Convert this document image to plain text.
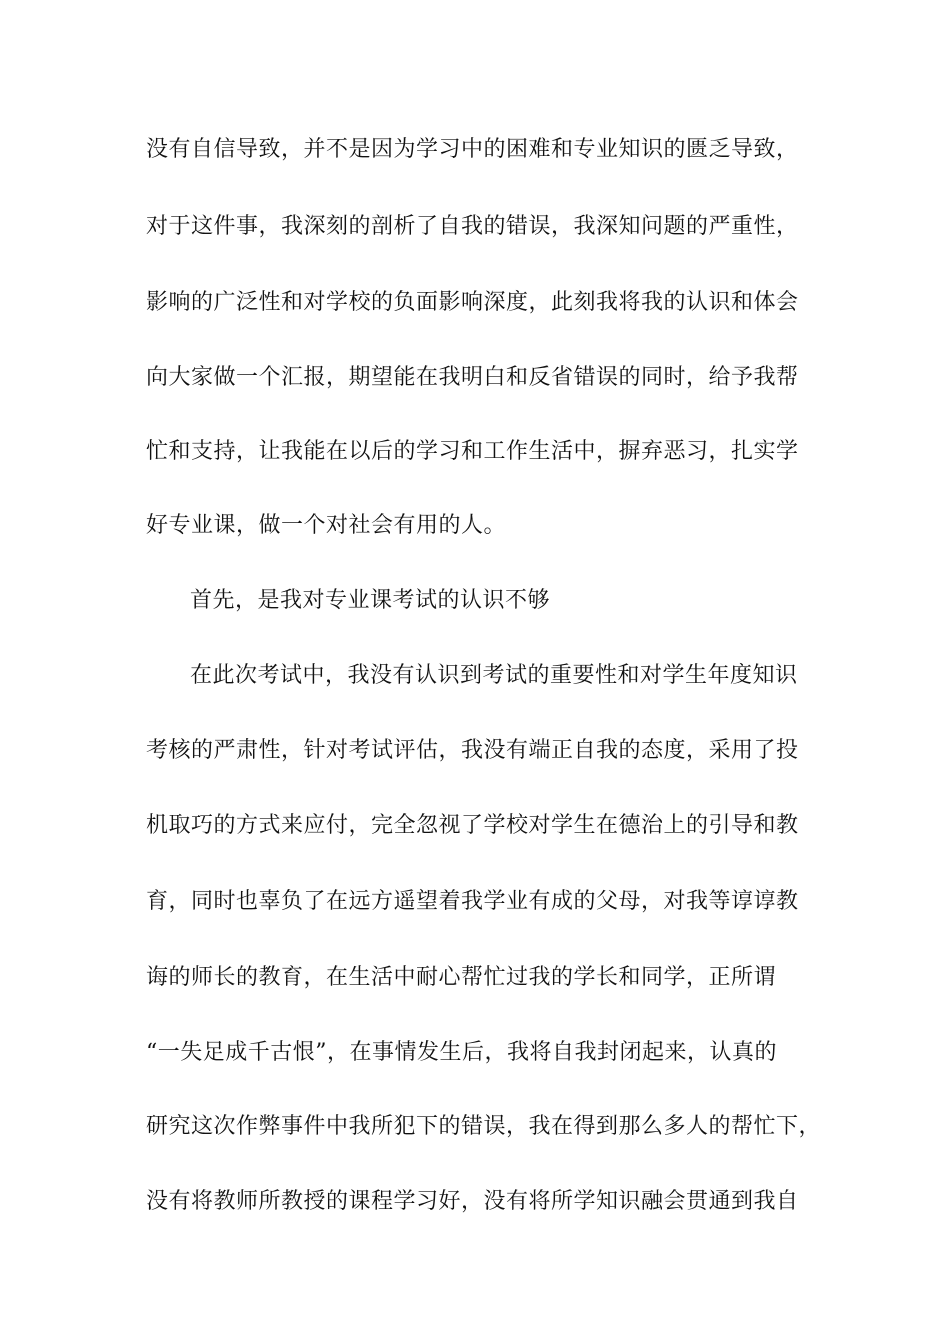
没有自信导致，并不是因为学习中的困难和专业知识的匮乏导致，
对于这件事，我深刻的剖析了自我的错误，我深知问题的严重性，
影响的广泛性和对学校的负面影响深度，此刻我将我的认识和体会
向大家做一个汇报，期望能在我明白和反省错误的同时，给予我帮
忙和支持，让我能在以后的学习和工作生活中，摒弃恶习，扎实学
好专业课，做一个对社会有用的人。
首先，是我对专业课考试的认识不够
在此次考试中，我没有认识到考试的重要性和对学生年度知识
考核的严肃性，针对考试评估，我没有端正自我的态度，采用了投
机取巧的方式来应付，完全忽视了学校对学生在德治上的引导和教
育，同时也辜负了在远方遥望着我学业有成的父母，对我等谆谆教
诲的师长的教育，在生活中耐心帮忙过我的学长和同学，正所谓
“一失足成千古恨”，在事情发生后，我将自我封闭起来，认真的
研究这次作弊事件中我所犯下的错误，我在得到那么多人的帮忙下，
没有将教师所教授的课程学习好，没有将所学知识融会贯通到我自
